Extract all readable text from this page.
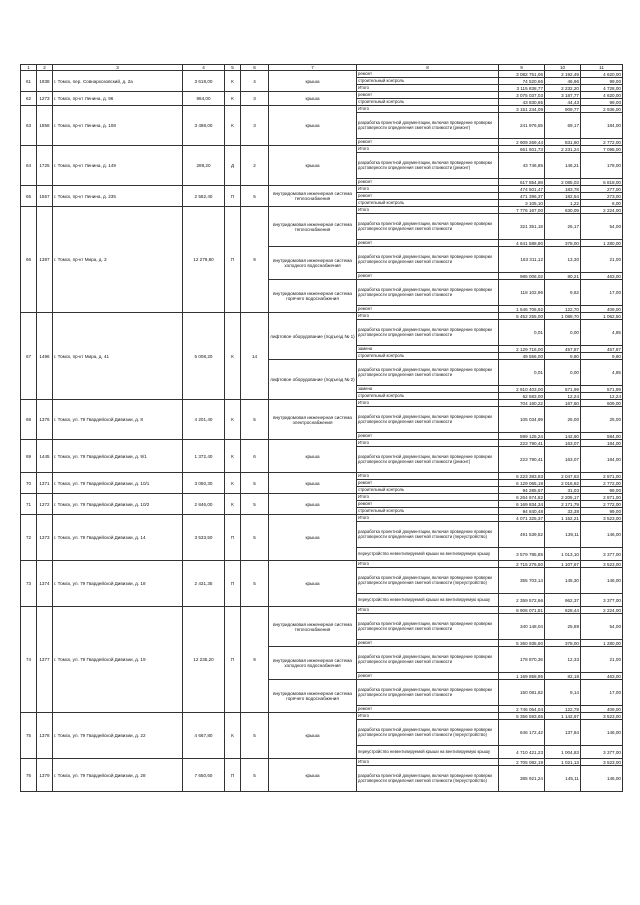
1	2	3	4	5	6	7	8	9	10	11
61	1938	г. Томск, пер. Совнархозовский, д. 2а	3 618,00	К	4	крыша	ремонт	3 082 751,06	2 192,49	4 620,00
							строительный контроль	74 520,66	46,96	99,00
							Итого	3 115 838,77	2 232,20	4 728,00
62	1273	г. Томск, пр-кт Ленина, д. 96	964,00	К	3	крыша	ремонт	3 075 037,03	3 187,77	4 620,00
							строительный контроль	43 830,65	44,43	99,00
63	1858	г. Томск, пр-кт Ленина, д. 108	3 498,00	К	3	крыша	Итого	3 151 244,09	909,77	2 936,00
							разработка проектной документации, включая проведение проверки достоверности определения сметной стоимости (ремонт)	241 976,55	69,17	184,00
							ремонт	2 909 269,44	831,60	2 772,00
64	1725	г. Томск, пр-кт Ленина, д. 149	289,20	Д	2	крыша	Итого	661 601,73	2 231,24	7 098,00
							разработка проектной документации, включая проведение проверки достоверности определения сметной стоимости (ремонт)	43 746,85	146,21	178,00
							ремонт	617 854,88	2 085,03	6 818,00
65	1557	г. Томск, пр-кт Ленина, д. 235	2 582,40	П	5	внутридомовая инженерная система теплоснабжения	Итого	474 501,47	183,78	277,00
							ремонт	471 396,37	182,54	273,00
							строительный контроль	3 105,10	1,22	6,00
66	1387	г. Томск, пр-кт Мира, д. 3	12 279,80	П	9	внутридомовая инженерная система теплоснабжения	Итого	7 776 167,00	630,09	2 224,00
							разработка проектной документации, включая проведение проверки достоверности определения сметной стоимости	321 351,18	26,17	54,00
							ремонт	4 641 588,80	378,00	1 280,00
						внутридомовая инженерная система холодного водоснабжения	разработка проектной документации, включая проведение проверки достоверности определения сметной стоимости	163 311,12	13,30	21,00
							ремонт	985 006,02	80,21	463,00
						внутридомовая инженерная система горячего водоснабжения	разработка проектной документации, включая проведение проверки достоверности определения сметной стоимости	118 102,96	9,62	17,00
							ремонт	1 546 706,92	122,70	409,00
67	1496	г. Томск, пр-кт Мира, д. 41	5 008,20	К	14	лифтовое оборудование (подъезд № 1)	Итого	5 452 255,00	1 088,70	1 062,50
							разработка проектной документации, включая проведение проверки достоверности определения сметной стоимости	0,01	0,00	4,85
							замена	2 129 716,00	457,87	457,87
							строительный контроль	49 556,00	9,80	9,80
						лифтовое оборудование (подъезд № 2)	разработка проектной документации, включая проведение проверки достоверности определения сметной стоимости	0,01	0,00	4,85
							замена	2 910 403,00	571,99	571,99
							строительный контроль	62 583,00	12,24	12,24
68	1376	г. Томск, ул. 79 Гвардейской Дивизии, д. 8	4 201,40	К	5	внутридомовая инженерная система электроснабжения	Итого	704 160,22	167,60	609,00
							разработка проектной документации, включая проведение проверки достоверности определения сметной стоимости	105 034,99	25,00	25,00
							ремонт	599 125,24	142,60	584,00
69	1445	г. Томск, ул. 79 Гвардейской Дивизии, д. 9/1	1 372,40	К	6	крыша	Итого	223 790,41	163,07	184,00
							разработка проектной документации, включая проведение проверки достоверности определения сметной стоимости (ремонт)	223 790,41	163,07	184,00
70	1371	г. Томск, ул. 79 Гвардейской Дивизии, д. 10/1	3 050,30	К	5	крыша	Итого	6 223 383,83	2 047,63	2 871,00
							ремонт	6 129 065,18	2 016,62	2 772,00
							строительный контроль	94 285,67	31,03	99,00
71	1372	г. Томск, ул. 79 Гвардейской Дивизии, д. 10/2	2 846,00	К	5	крыша	Итого	6 264 674,82	2 205,17	2 871,00
							ремонт	6 169 834,34	2 171,79	2 772,00
							строительный контроль	94 840,48	33,38	99,00
72	1373	г. Томск, ул. 79 Гвардейской Дивизии, д. 14	3 533,50	П	5	крыша	Итого	4 071 325,37	1 152,21	3 523,00
							разработка проектной документации, включая проведение проверки достоверности определения сметной стоимости (переустройство)	491 539,52	139,11	146,00
							переустройство невентилируемой крыши на вентилируемую крышу	3 579 785,85	1 013,10	3 377,00
73	1374	г. Томск, ул. 79 Гвардейской Дивизии, д. 18	2 431,35	П	5	крыша	Итого	2 715 276,50	1 107,67	3 523,00
							разработка проектной документации, включая проведение проверки достоверности определения сметной стоимости (переустройство)	355 703,14	145,30	146,00
							переустройство невентилируемой крыши на вентилируемую крышу	2 359 572,66	962,37	3 377,00
74	1377	г. Томск, ул. 79 Гвардейской Дивизии, д. 19	12 235,20	П	9	внутридомовая инженерная система теплоснабжения	Итого	8 906 071,81	628,44	2 224,00
							разработка проектной документации, включая проведение проверки достоверности определения сметной стоимости	340 148,04	25,89	54,00
							ремонт	5 360 935,60	378,00	1 280,00
						внутридомовая инженерная система холодного водоснабжения	разработка проектной документации, включая проведение проверки достоверности определения сметной стоимости	178 870,36	12,33	21,00
							ремонт	1 169 858,95	82,18	463,00
						внутридомовая инженерная система горячего водоснабжения	разработка проектной документации, включая проведение проверки достоверности определения сметной стоимости	150 081,62	9,14	17,00
							ремонт	2 746 054,04	122,79	409,00
75	1378	г. Томск, ул. 79 Гвардейской Дивизии, д. 22	4 667,80	К	5	крыша	Итого	5 356 593,65	1 142,67	3 523,00
							разработка проектной документации, включая проведение проверки достоверности определения сметной стоимости (переустройство)	646 172,42	137,84	146,00
							переустройство невентилируемой крыши на вентилируемую крышу	4 710 421,23	1 004,83	3 377,00
76	1379	г. Томск, ул. 79 Гвардейской Дивизии, д. 28	7 650,60	П	5	крыша	Итого	2 705 082,19	1 021,13	3 523,00
							разработка проектной документации, включая проведение проверки достоверности определения сметной стоимости (переустройство)	385 921,24	145,11	146,00
